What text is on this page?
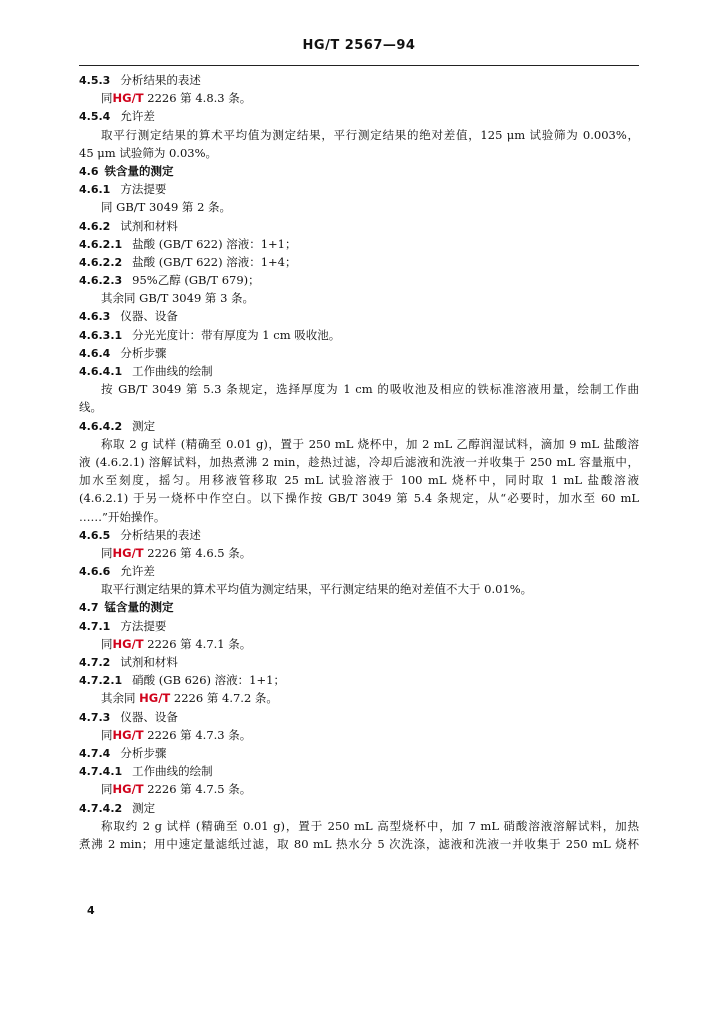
HG/T 2567—94
4.5.3 分析结果的表述
同HG/T 2226 第 4.8.3 条。
4.5.4 允许差
取平行测定结果的算术平均值为测定结果，平行测定结果的绝对差值，125 μm 试验筛为 0.003%，
45 μm 试验筛为 0.03%。
4.6 铁含量的测定
4.6.1 方法提要
同 GB/T 3049 第 2 条。
4.6.2 试剂和材料
4.6.2.1 盐酸 (GB/T 622) 溶液：1+1；
4.6.2.2 盐酸 (GB/T 622) 溶液：1+4；
4.6.2.3 95%乙醇 (GB/T 679)；
其余同 GB/T 3049 第 3 条。
4.6.3 仪器、设备
4.6.3.1 分光光度计：带有厚度为 1 cm 吸收池。
4.6.4 分析步骤
4.6.4.1 工作曲线的绘制
按 GB/T 3049 第 5.3 条规定，选择厚度为 1 cm 的吸收池及相应的铁标准溶液用量，绘制工作曲
线。
4.6.4.2 测定
称取 2 g 试样 (精确至 0.01 g)，置于 250 mL 烧杯中，加 2 mL 乙醇润湿试料，滴加 9 mL 盐酸溶
液 (4.6.2.1) 溶解试料，加热煮沸 2 min，趁热过滤，冷却后滤液和洗液一并收集于 250 mL 容量瓶中，
加水至刻度，摇匀。用移液管移取 25 mL 试验溶液于 100 mL 烧杯中，同时取 1 mL 盐酸溶液
(4.6.2.1) 于另一烧杯中作空白。以下操作按 GB/T 3049 第 5.4 条规定，从“必要时，加水至 60 mL
……”开始操作。
4.6.5 分析结果的表述
同HG/T 2226 第 4.6.5 条。
4.6.6 允许差
取平行测定结果的算术平均值为测定结果，平行测定结果的绝对差值不大于 0.01%。
4.7 锰含量的测定
4.7.1 方法提要
同HG/T 2226 第 4.7.1 条。
4.7.2 试剂和材料
4.7.2.1 硝酸 (GB 626) 溶液：1+1；
其余同 HG/T 2226 第 4.7.2 条。
4.7.3 仪器、设备
同HG/T 2226 第 4.7.3 条。
4.7.4 分析步骤
4.7.4.1 工作曲线的绘制
同HG/T 2226 第 4.7.5 条。
4.7.4.2 测定
称取约 2 g 试样 (精确至 0.01 g)，置于 250 mL 高型烧杯中，加 7 mL 硝酸溶液溶解试料，加热
煮沸 2 min；用中速定量滤纸过滤，取 80 mL 热水分 5 次洗涤，滤液和洗液一并收集于 250 mL 烧杯
4
